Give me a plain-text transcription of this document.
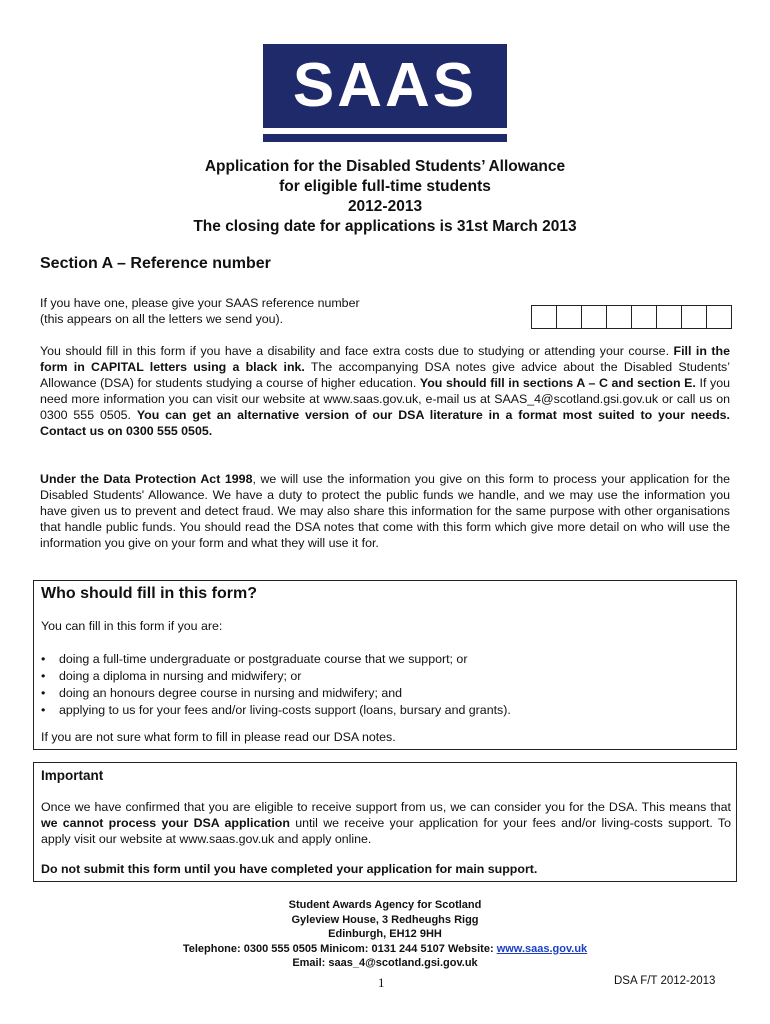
SAAS
Application for the Disabled Students’ Allowance
for eligible full-time students
2012-2013
The closing date for applications is 31st March 2013
Section A – Reference number
If you have one, please give your SAAS reference number
(this appears on all the letters we send you).
You should fill in this form if you have a disability and face extra costs due to studying or attending your course. Fill in the form in CAPITAL letters using a black ink. The accompanying DSA notes give advice about the Disabled Students’ Allowance (DSA) for students studying a course of higher education. You should fill in sections A – C and section E. If you need more information you can visit our website at www.saas.gov.uk, e-mail us at SAAS_4@scotland.gsi.gov.uk or call us on 0300 555 0505. You can get an alternative version of our DSA literature in a format most suited to your needs. Contact us on 0300 555 0505.
Under the Data Protection Act 1998, we will use the information you give on this form to process your application for the Disabled Students' Allowance. We have a duty to protect the public funds we handle, and we may use the information you have given us to prevent and detect fraud. We may also share this information for the same purpose with other organisations that handle public funds. You should read the DSA notes that come with this form which give more detail on who will use the information you give on your form and what they will use it for.
Who should fill in this form?
You can fill in this form if you are:
• doing a full-time undergraduate or postgraduate course that we support; or
• doing a diploma in nursing and midwifery; or
• doing an honours degree course in nursing and midwifery; and
• applying to us for your fees and/or living-costs support (loans, bursary and grants).
If you are not sure what form to fill in please read our DSA notes.
Important
Once we have confirmed that you are eligible to receive support from us, we can consider you for the DSA. This means that we cannot process your DSA application until we receive your application for your fees and/or living-costs support. To apply visit our website at www.saas.gov.uk and apply online.
Do not submit this form until you have completed your application for main support.
Student Awards Agency for Scotland
Gyleview House, 3 Redheughs Rigg
Edinburgh, EH12 9HH
Telephone: 0300 555 0505 Minicom: 0131 244 5107 Website: www.saas.gov.uk
Email: saas_4@scotland.gsi.gov.uk
1	DSA F/T 2012-2013
